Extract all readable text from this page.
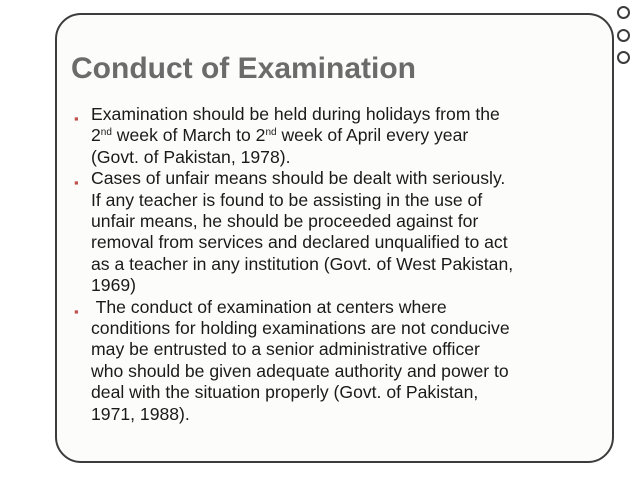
Conduct of Examination
▪ Examination should be held during holidays from the
2nd week of March to 2nd week of April every year
(Govt. of Pakistan, 1978).
▪ Cases of unfair means should be dealt with seriously.
If any teacher is found to be assisting in the use of
unfair means, he should be proceeded against for
removal from services and declared unqualified to act
as a teacher in any institution (Govt. of West Pakistan,
1969)
▪ The conduct of examination at centers where
conditions for holding examinations are not conducive
may be entrusted to a senior administrative officer
who should be given adequate authority and power to
deal with the situation properly (Govt. of Pakistan,
1971, 1988).
